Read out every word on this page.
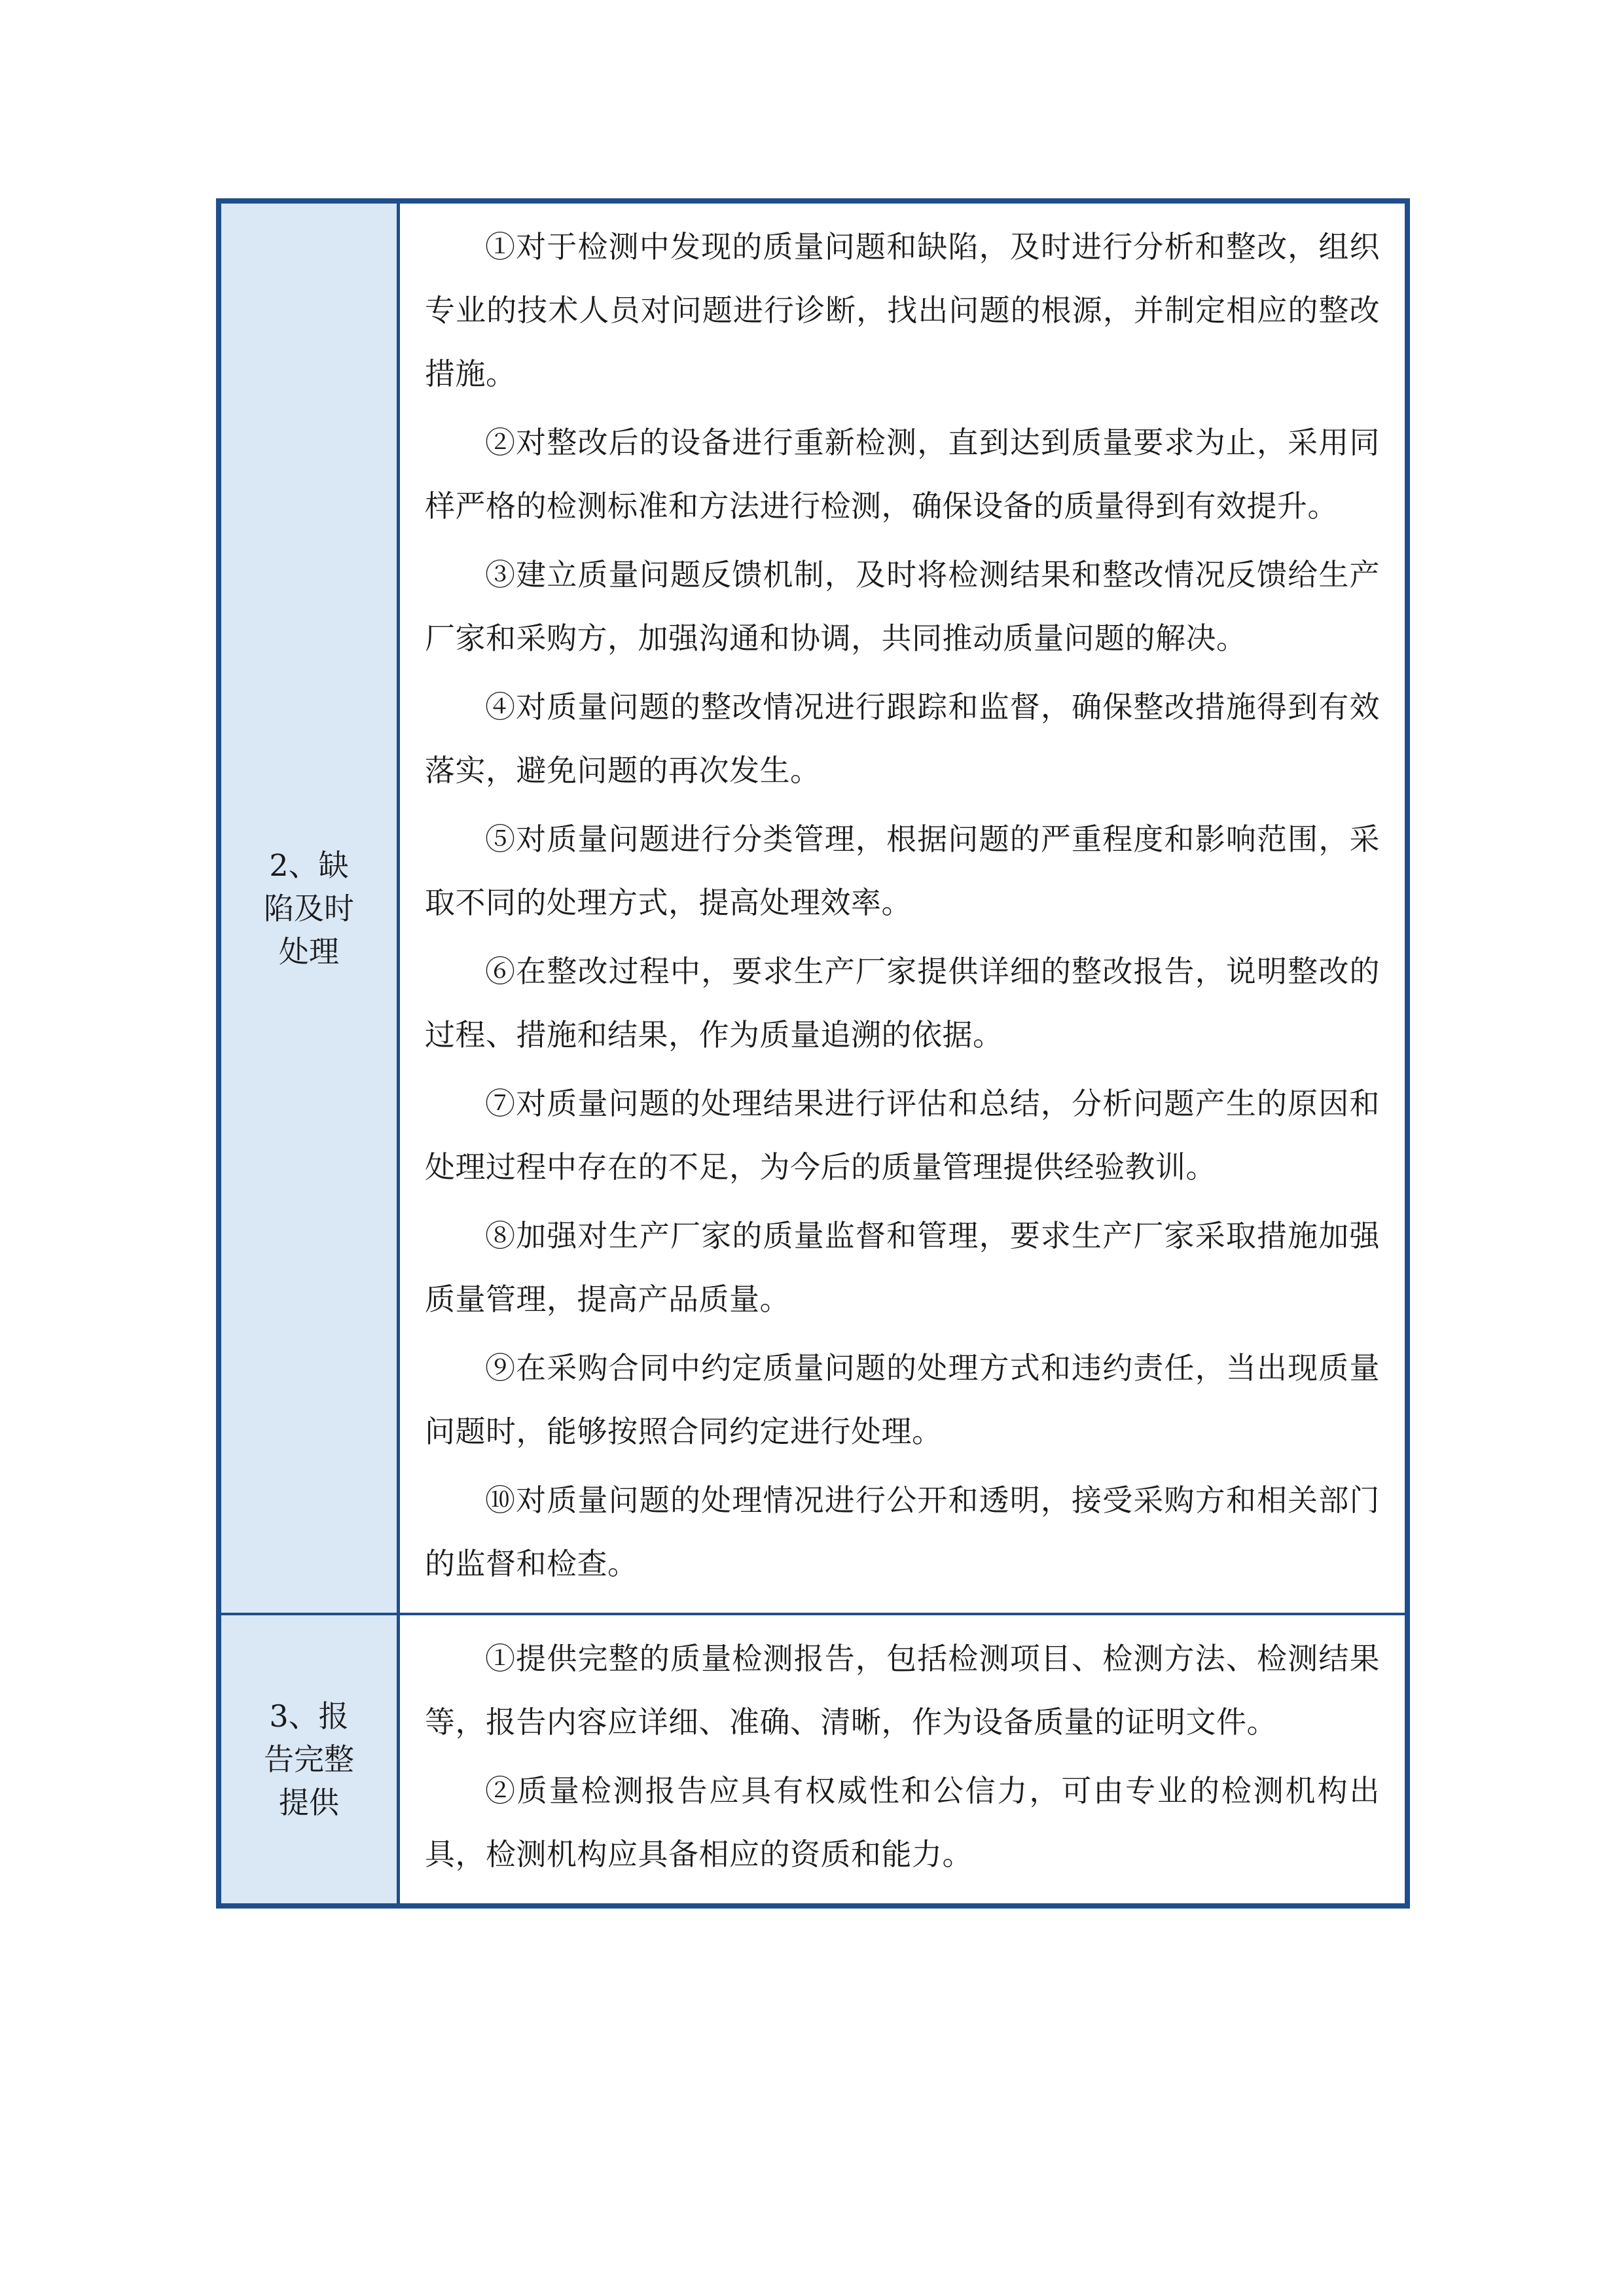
2、缺陷及时处理

①对于检测中发现的质量问题和缺陷，及时进行分析和整改，组织专业的技术人员对问题进行诊断，找出问题的根源，并制定相应的整改措施。

②对整改后的设备进行重新检测，直到达到质量要求为止，采用同样严格的检测标准和方法进行检测，确保设备的质量得到有效提升。

③建立质量问题反馈机制，及时将检测结果和整改情况反馈给生产厂家和采购方，加强沟通和协调，共同推动质量问题的解决。

④对质量问题的整改情况进行跟踪和监督，确保整改措施得到有效落实，避免问题的再次发生。

⑤对质量问题进行分类管理，根据问题的严重程度和影响范围，采取不同的处理方式，提高处理效率。

⑥在整改过程中，要求生产厂家提供详细的整改报告，说明整改的过程、措施和结果，作为质量追溯的依据。

⑦对质量问题的处理结果进行评估和总结，分析问题产生的原因和处理过程中存在的不足，为今后的质量管理提供经验教训。

⑧加强对生产厂家的质量监督和管理，要求生产厂家采取措施加强质量管理，提高产品质量。

⑨在采购合同中约定质量问题的处理方式和违约责任，当出现质量问题时，能够按照合同约定进行处理。

⑩对质量问题的处理情况进行公开和透明，接受采购方和相关部门的监督和检查。

3、报告完整提供

①提供完整的质量检测报告，包括检测项目、检测方法、检测结果等，报告内容应详细、准确、清晰，作为设备质量的证明文件。

②质量检测报告应具有权威性和公信力，可由专业的检测机构出具，检测机构应具备相应的资质和能力。
